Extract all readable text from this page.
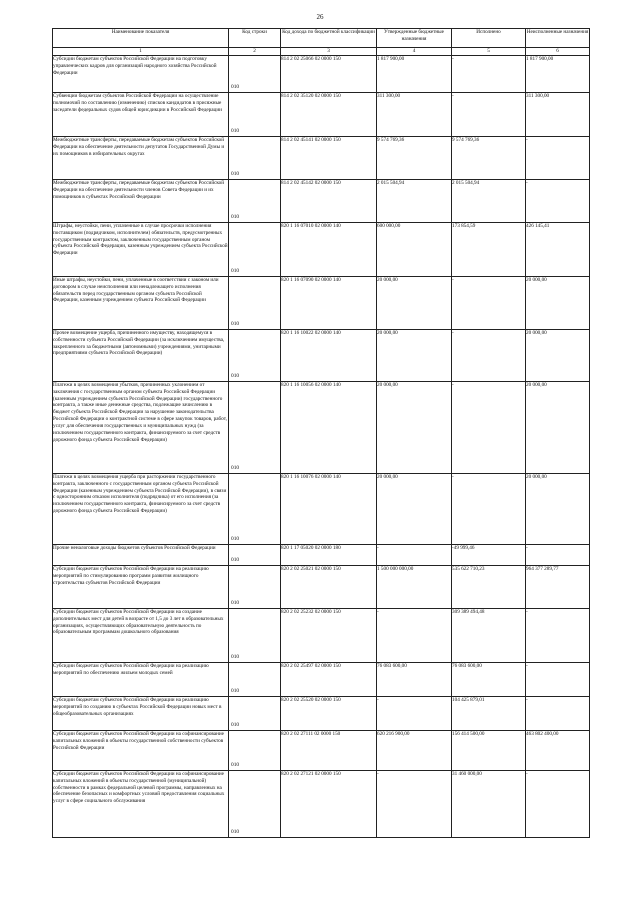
26
Наименование показателя	Код строки	Код дохода по бюджетной классификации	Утвержденные бюджетные назначения	Исполнено	Неисполненные назначения
1	2	3	4	5	6
Субсидии бюджетам субъектов Российской Федерации на подготовку управленческих кадров для организаций народного хозяйства Российской Федерации	010	814 2 02 25066 02 0000 150	1 817 900,00	-	1 817 900,00
Субвенции бюджетам субъектов Российской Федерации на осуществление полномочий по составлению (изменению) списков кандидатов в присяжные заседатели федеральных судов общей юрисдикции в Российской Федерации	010	814 2 02 35120 02 0000 150	311 300,00	-	311 300,00
Межбюджетные трансферты, передаваемые бюджетам субъектов Российской Федерации на обеспечение деятельности депутатов Государственной Думы и их помощников в избирательных округах	010	814 2 02 45141 02 0000 150	9 574 769,36	9 574 769,36	-
Межбюджетные трансферты, передаваемые бюджетам субъектов Российской Федерации на обеспечение деятельности членов Совета Федерации и их помощников в субъектах Российской Федерации	010	814 2 02 45142 02 0000 150	2 015 504,94	2 015 504,94	-
Штрафы, неустойки, пени, уплаченные в случае просрочки исполнения поставщиком (подрядчиком, исполнителем) обязательств, предусмотренных государственным контрактом, заключенным государственным органом субъекта Российской Федерации, казенным учреждением субъекта Российской Федерации	010	820 1 16 07010 02 0000 140	600 000,00	173 854,59	426 145,41
Иные штрафы, неустойки, пени, уплаченные в соответствии с законом или договором в случае неисполнения или ненадлежащего исполнения обязательств перед государственным органом субъекта Российской Федерации, казенным учреждением субъекта Российской Федерации	010	820 1 16 07090 02 0000 140	20 000,00	-	20 000,00
Прочее возмещение ущерба, причиненного имуществу, находящемуся в собственности субъекта Российской Федерации (за исключением имущества, закрепленного за бюджетными (автономными) учреждениями, унитарными предприятиями субъекта Российской Федерации)	010	820 1 16 10022 02 0000 140	20 000,00	-	20 000,00
Платежи в целях возмещения убытков, причиненных уклонением от заключения с государственным органом субъекта Российской Федерации (казенным учреждением субъекта Российской Федерации) государственного контракта, а также иные денежные средства, подлежащие зачислению в бюджет субъекта Российской Федерации за нарушение законодательства Российской Федерации о контрактной системе в сфере закупок товаров, работ, услуг для обеспечения государственных и муниципальных нужд (за исключением государственного контракта, финансируемого за счет средств дорожного фонда субъекта Российской Федерации)	010	820 1 16 10056 02 0000 140	20 000,00	-	20 000,00
Платежи в целях возмещения ущерба при расторжении государственного контракта, заключенного с государственным органом субъекта Российской Федерации (казенным учреждением субъекта Российской Федерации), в связи с односторонним отказом исполнителя (подрядчика) от его исполнения (за исключением государственного контракта, финансируемого за счет средств дорожного фонда субъекта Российской Федерации)	010	820 1 16 10076 02 0000 140	20 000,00	-	20 000,00
Прочие неналоговые доходы бюджетов субъектов Российской Федерации	010	820 1 17 05020 02 0000 180	-	-49 999,46	-
Субсидии бюджетам субъектов Российской Федерации на реализацию мероприятий по стимулированию программ развития жилищного строительства субъектов Российской Федерации	010	820 2 02 25021 02 0000 150	1 500 000 000,00	535 622 710,23	964 377 289,77
Субсидии бюджетам субъектов Российской Федерации на создание дополнительных мест для детей в возрасте от 1,5 до 3 лет в образовательных организациях, осуществляющих образовательную деятельность по образовательным программам дошкольного образования	010	820 2 02 25232 02 0000 150	-	309 389 494,48	-
Субсидии бюджетам субъектов Российской Федерации на реализацию мероприятий по обеспечению жильем молодых семей	010	820 2 02 25497 02 0000 150	76 083 600,00	76 083 600,00	-
Субсидии бюджетам субъектов Российской Федерации на реализацию мероприятий по созданию в субъектах Российской Федерации новых мест в общеобразовательных организациях	010	820 2 02 25520 02 0000 150	-	104 425 879,01	-
Субсидии бюджетам субъектов Российской Федерации на софинансирование капитальных вложений в объекты государственной собственности субъектов Российской Федерации	010	820 2 02 27111 02 0000 150	620 216 900,00	156 414 500,00	463 802 400,00
Субсидии бюджетам субъектов Российской Федерации на софинансирование капитальных вложений в объекты государственной (муниципальной) собственности в рамках федеральной целевой программы, направленных на обеспечение безопасных и комфортных условий предоставления социальных услуг в сфере социального обслуживания	010	820 2 02 27121 02 0000 150	-	31 460 000,00	-
